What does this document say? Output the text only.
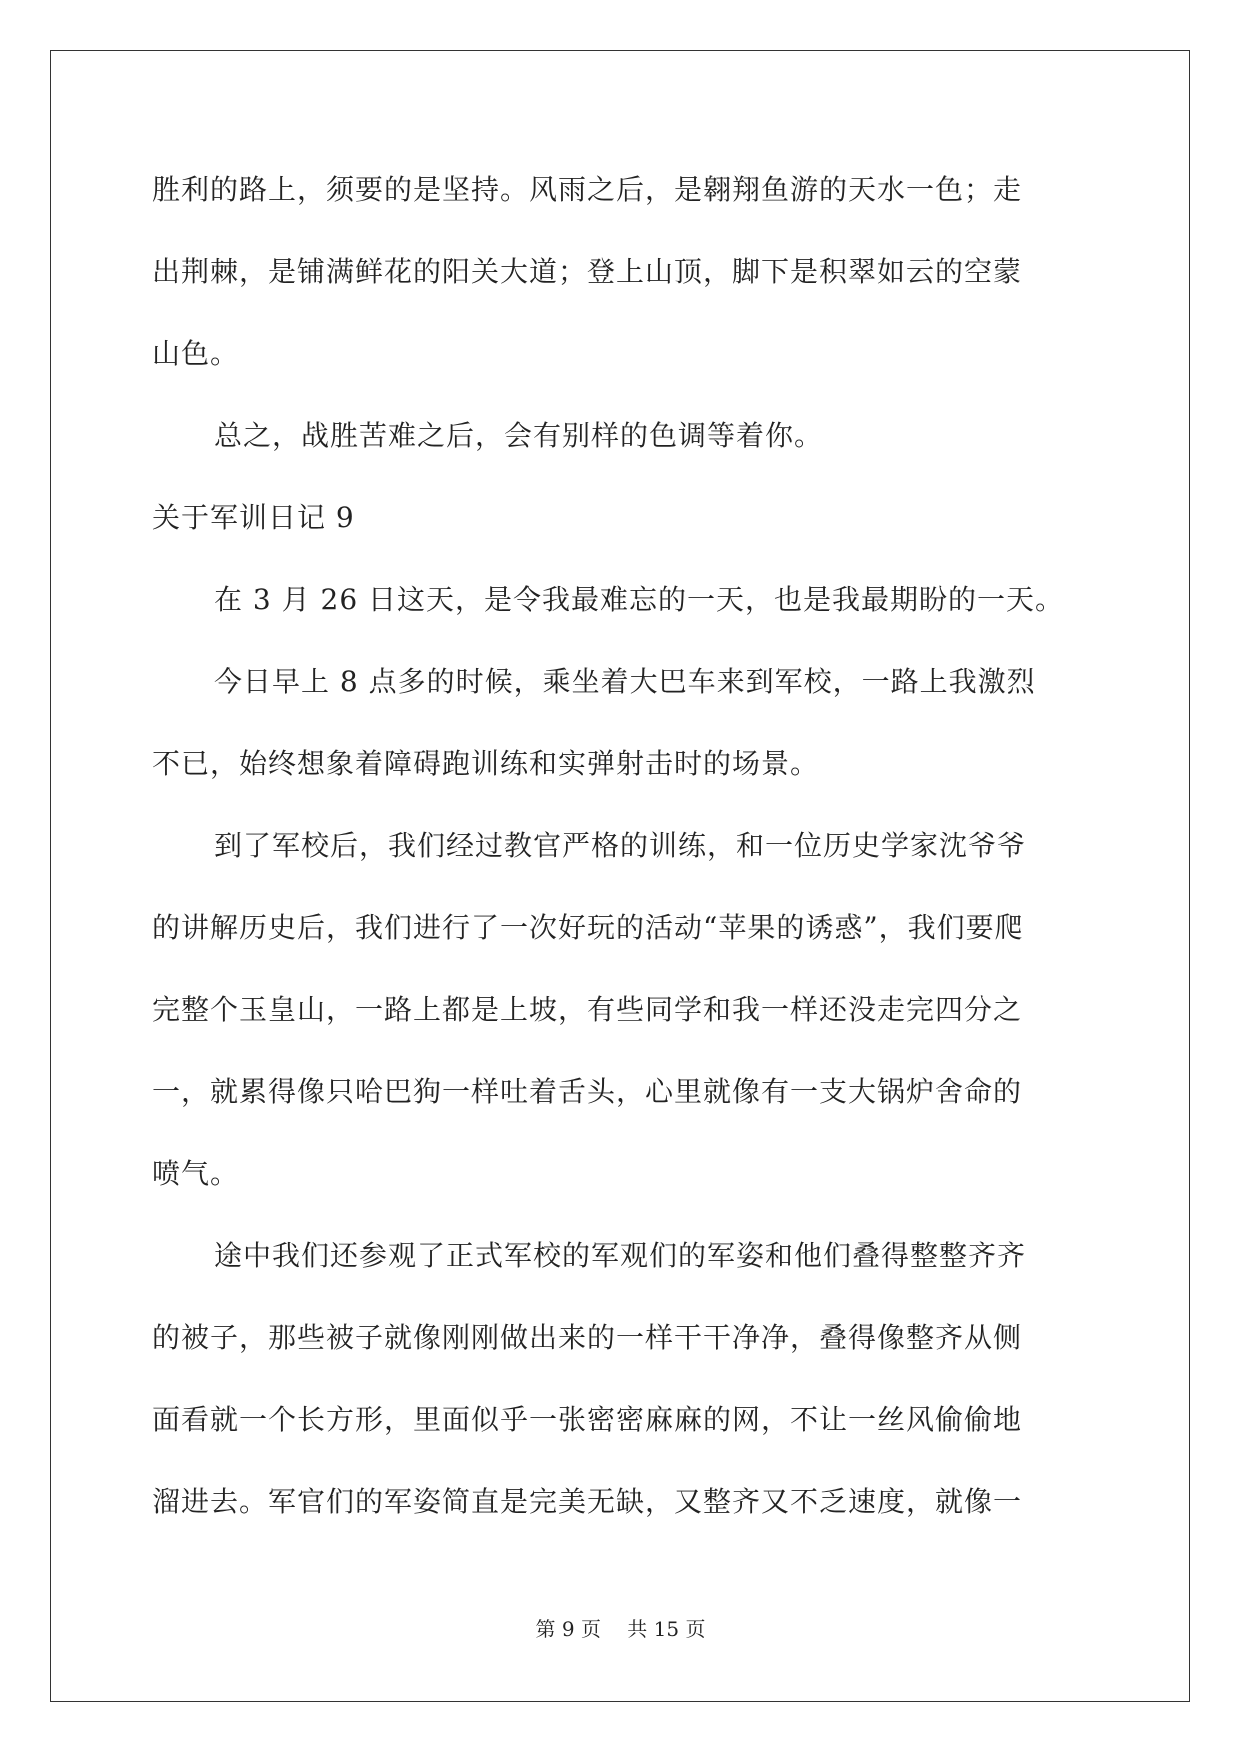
胜利的路上，须要的是坚持。风雨之后，是翱翔鱼游的天水一色；走

出荆棘，是铺满鲜花的阳关大道；登上山顶，脚下是积翠如云的空蒙

山色。

总之，战胜苦难之后，会有别样的色调等着你。

关于军训日记 9

在 3 月 26 日这天，是令我最难忘的一天，也是我最期盼的一天。

今日早上 8 点多的时候，乘坐着大巴车来到军校，一路上我激烈

不已，始终想象着障碍跑训练和实弹射击时的场景。

到了军校后，我们经过教官严格的训练，和一位历史学家沈爷爷

的讲解历史后，我们进行了一次好玩的活动“苹果的诱惑”，我们要爬

完整个玉皇山，一路上都是上坡，有些同学和我一样还没走完四分之

一，就累得像只哈巴狗一样吐着舌头，心里就像有一支大锅炉舍命的

喷气。

途中我们还参观了正式军校的军观们的军姿和他们叠得整整齐齐

的被子，那些被子就像刚刚做出来的一样干干净净，叠得像整齐从侧

面看就一个长方形，里面似乎一张密密麻麻的网，不让一丝风偷偷地

溜进去。军官们的军姿简直是完美无缺，又整齐又不乏速度，就像一

第 9 页　 共 15 页
